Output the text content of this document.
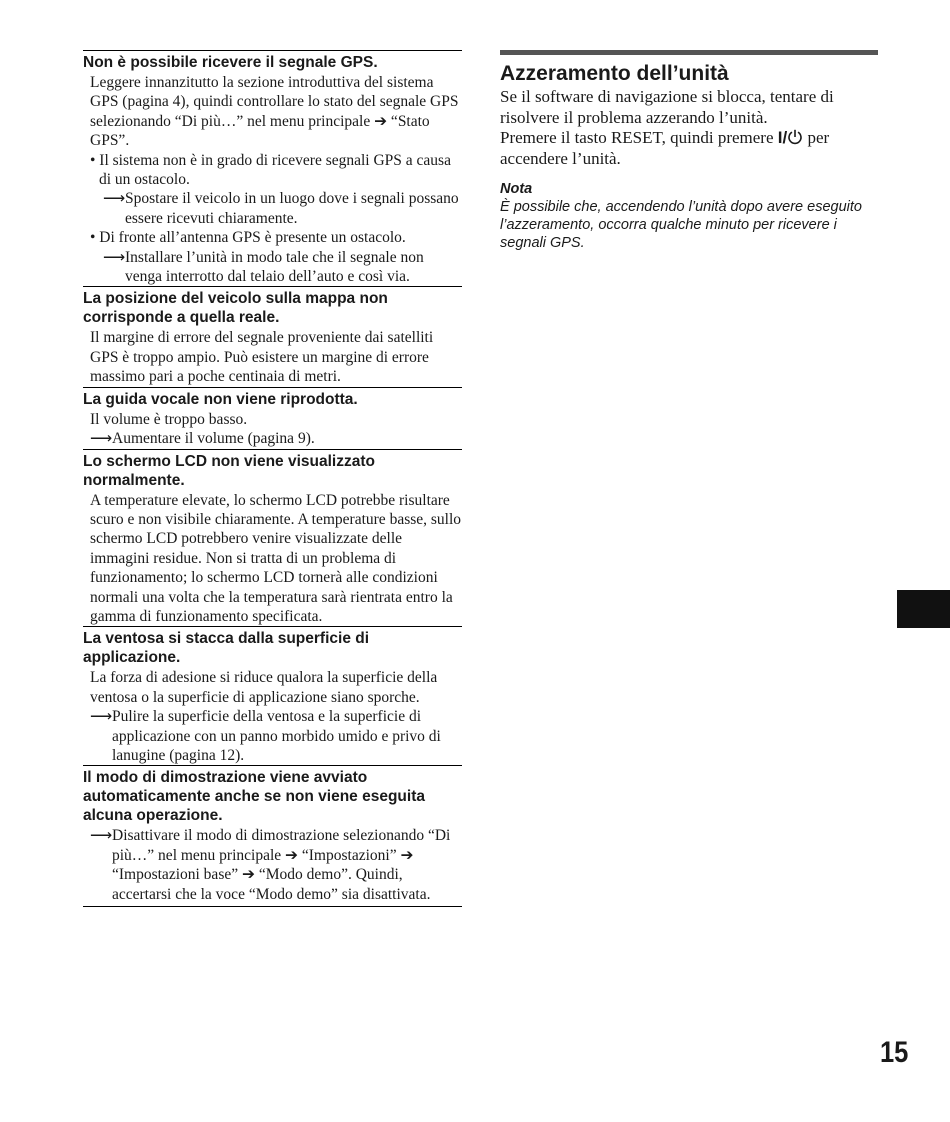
Non è possibile ricevere il segnale GPS.
Leggere innanzitutto la sezione introduttiva del sistema GPS (pagina 4), quindi controllare lo stato del segnale GPS selezionando “Di più…” nel menu principale ➔ “Stato GPS”.
• Il sistema non è in grado di ricevere segnali GPS a causa di un ostacolo.
⟶ Spostare il veicolo in un luogo dove i segnali possano essere ricevuti chiaramente.
• Di fronte all’antenna GPS è presente un ostacolo.
⟶ Installare l’unità in modo tale che il segnale non venga interrotto dal telaio dell’auto e così via.
La posizione del veicolo sulla mappa non corrisponde a quella reale.
Il margine di errore del segnale proveniente dai satelliti GPS è troppo ampio. Può esistere un margine di errore massimo pari a poche centinaia di metri.
La guida vocale non viene riprodotta.
Il volume è troppo basso.
⟶ Aumentare il volume (pagina 9).
Lo schermo LCD non viene visualizzato normalmente.
A temperature elevate, lo schermo LCD potrebbe risultare scuro e non visibile chiaramente. A temperature basse, sullo schermo LCD potrebbero venire visualizzate delle immagini residue. Non si tratta di un problema di funzionamento; lo schermo LCD tornerà alle condizioni normali una volta che la temperatura sarà rientrata entro la gamma di funzionamento specificata.
La ventosa si stacca dalla superficie di applicazione.
La forza di adesione si riduce qualora la superficie della ventosa o la superficie di applicazione siano sporche.
⟶ Pulire la superficie della ventosa e la superficie di applicazione con un panno morbido umido e privo di lanugine (pagina 12).
Il modo di dimostrazione viene avviato automaticamente anche se non viene eseguita alcuna operazione.
⟶ Disattivare il modo di dimostrazione selezionando “Di più…” nel menu principale ➔ “Impostazioni” ➔ “Impostazioni base” ➔ “Modo demo”. Quindi, accertarsi che la voce “Modo demo” sia disattivata.
Azzeramento dell’unità

Se il software di navigazione si blocca, tentare di risolvere il problema azzerando l’unità.

Premere il tasto RESET, quindi premere I/ per accendere l’unità.

Nota
È possibile che, accendendo l’unità dopo avere eseguito l’azzeramento, occorra qualche minuto per ricevere i segnali GPS.
15
